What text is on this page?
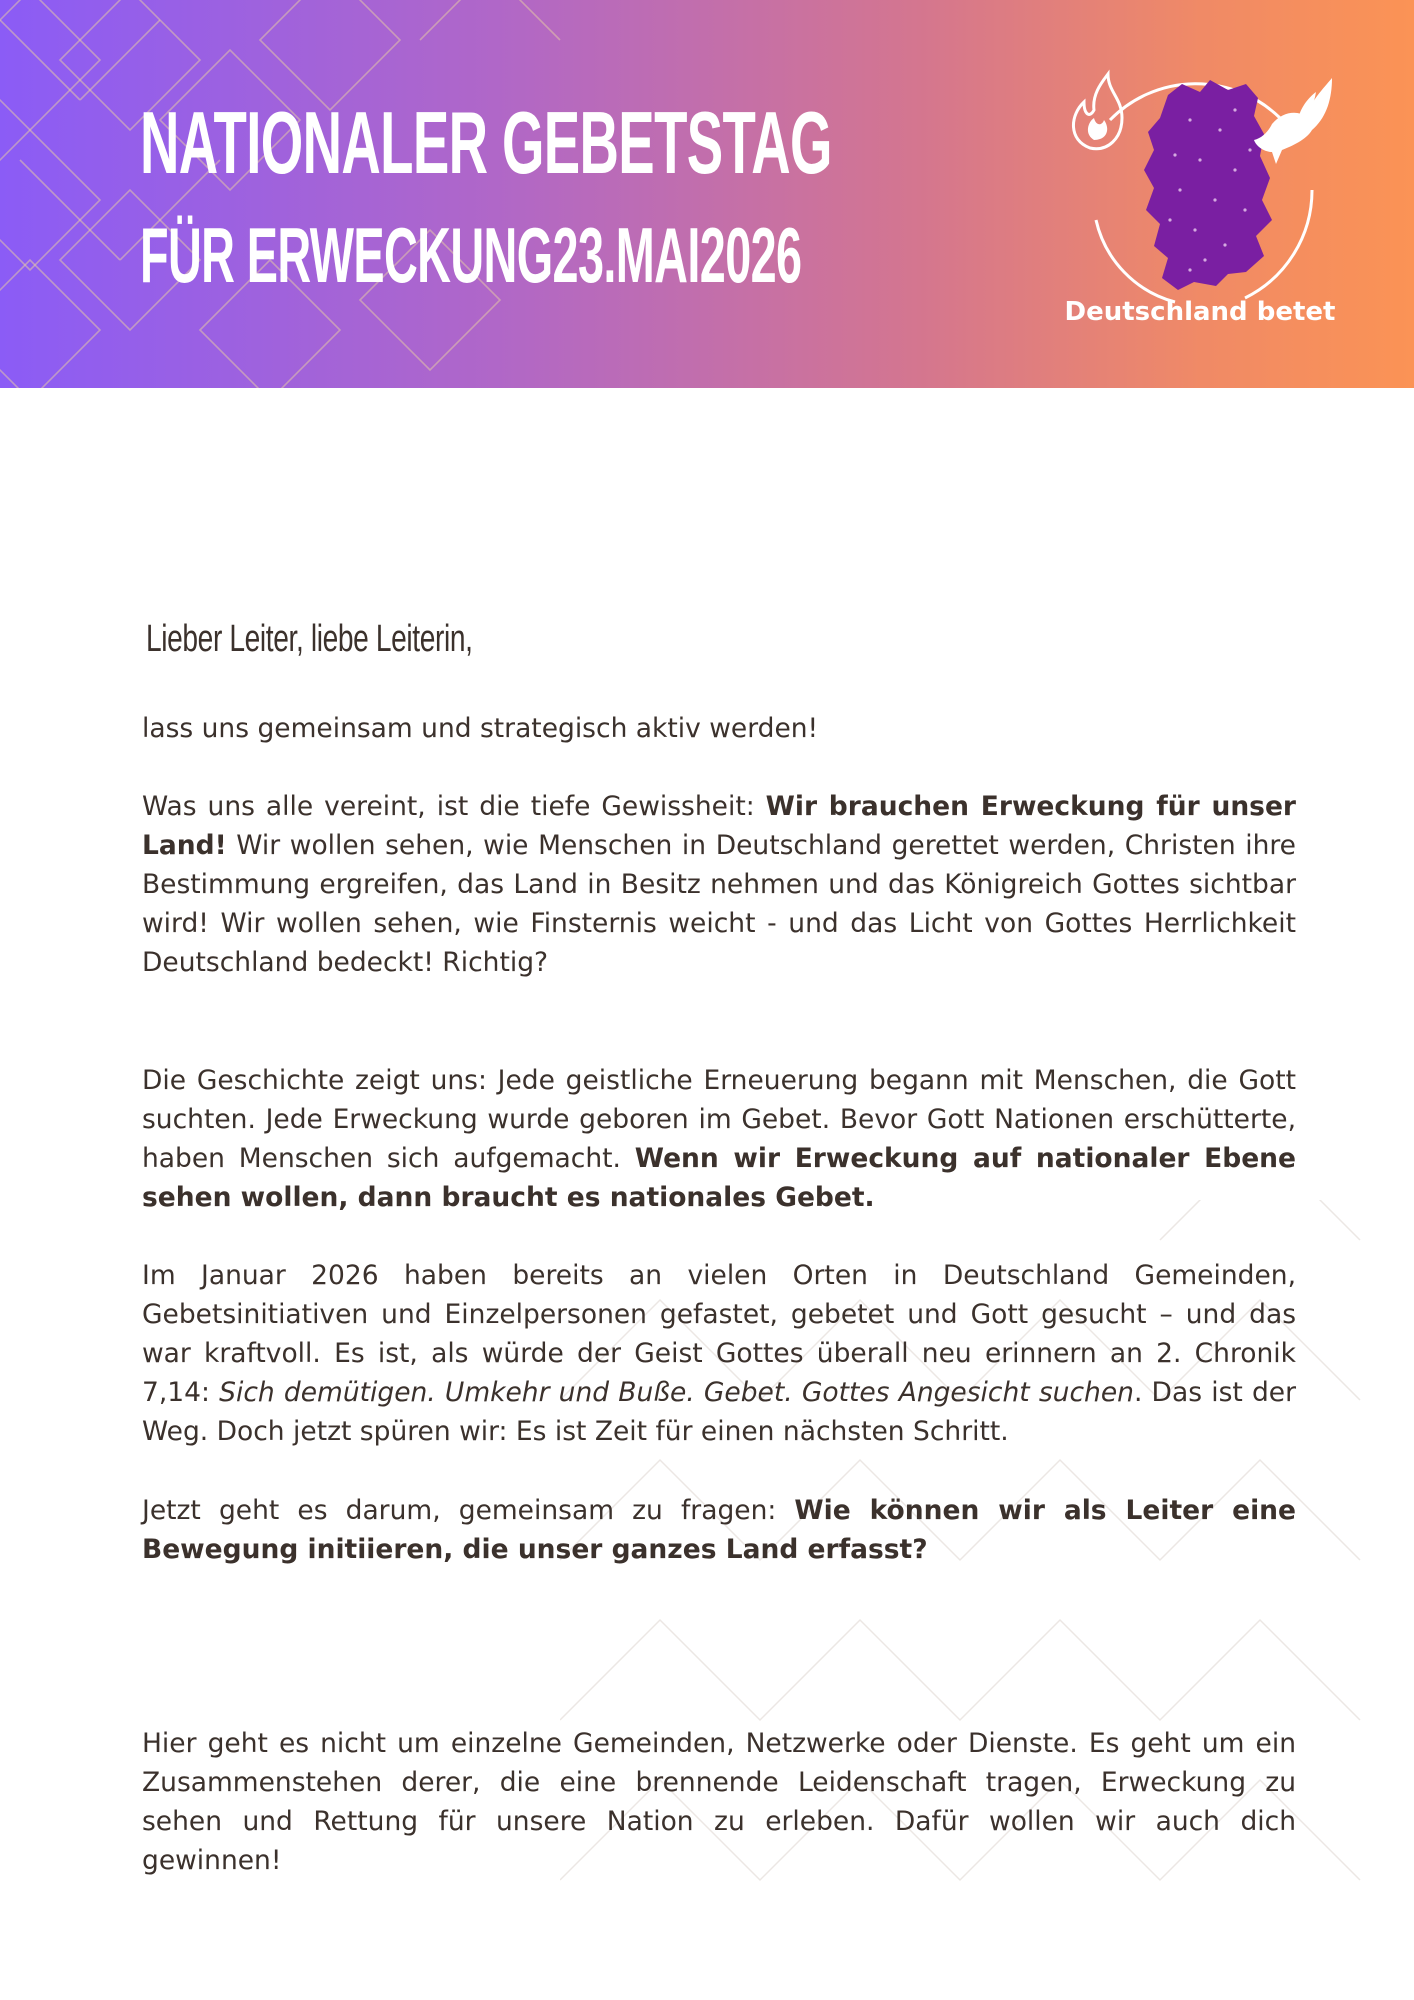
NATIONALER GEBETSTAG
FÜR ERWECKUNG23.MAI2026
Deutschland betet
Lieber Leiter, liebe Leiterin,

lass uns gemeinsam und strategisch aktiv werden!

Was uns alle vereint, ist die tiefe Gewissheit: Wir brauchen Erweckung für unser Land! Wir wollen sehen, wie Menschen in Deutschland gerettet werden, Christen ihre Bestimmung ergreifen, das Land in Besitz nehmen und das Königreich Gottes sichtbar wird! Wir wollen sehen, wie Finsternis weicht - und das Licht von Gottes Herrlichkeit Deutschland bedeckt! Richtig?

Die Geschichte zeigt uns: Jede geistliche Erneuerung begann mit Menschen, die Gott suchten. Jede Erweckung wurde geboren im Gebet. Bevor Gott Nationen erschütterte, haben Menschen sich aufgemacht. Wenn wir Erweckung auf nationaler Ebene sehen wollen, dann braucht es nationales Gebet.

Im Januar 2026 haben bereits an vielen Orten in Deutschland Gemeinden, Gebetsinitiativen und Einzelpersonen gefastet, gebetet und Gott gesucht – und das war kraftvoll. Es ist, als würde der Geist Gottes überall neu erinnern an 2. Chronik 7,14: Sich demütigen. Umkehr und Buße. Gebet. Gottes Angesicht suchen. Das ist der Weg. Doch jetzt spüren wir: Es ist Zeit für einen nächsten Schritt.

Jetzt geht es darum, gemeinsam zu fragen: Wie können wir als Leiter eine Bewegung initiieren, die unser ganzes Land erfasst?

Hier geht es nicht um einzelne Gemeinden, Netzwerke oder Dienste. Es geht um ein Zusammenstehen derer, die eine brennende Leidenschaft tragen, Erweckung zu sehen und Rettung für unsere Nation zu erleben. Dafür wollen wir auch dich gewinnen!
